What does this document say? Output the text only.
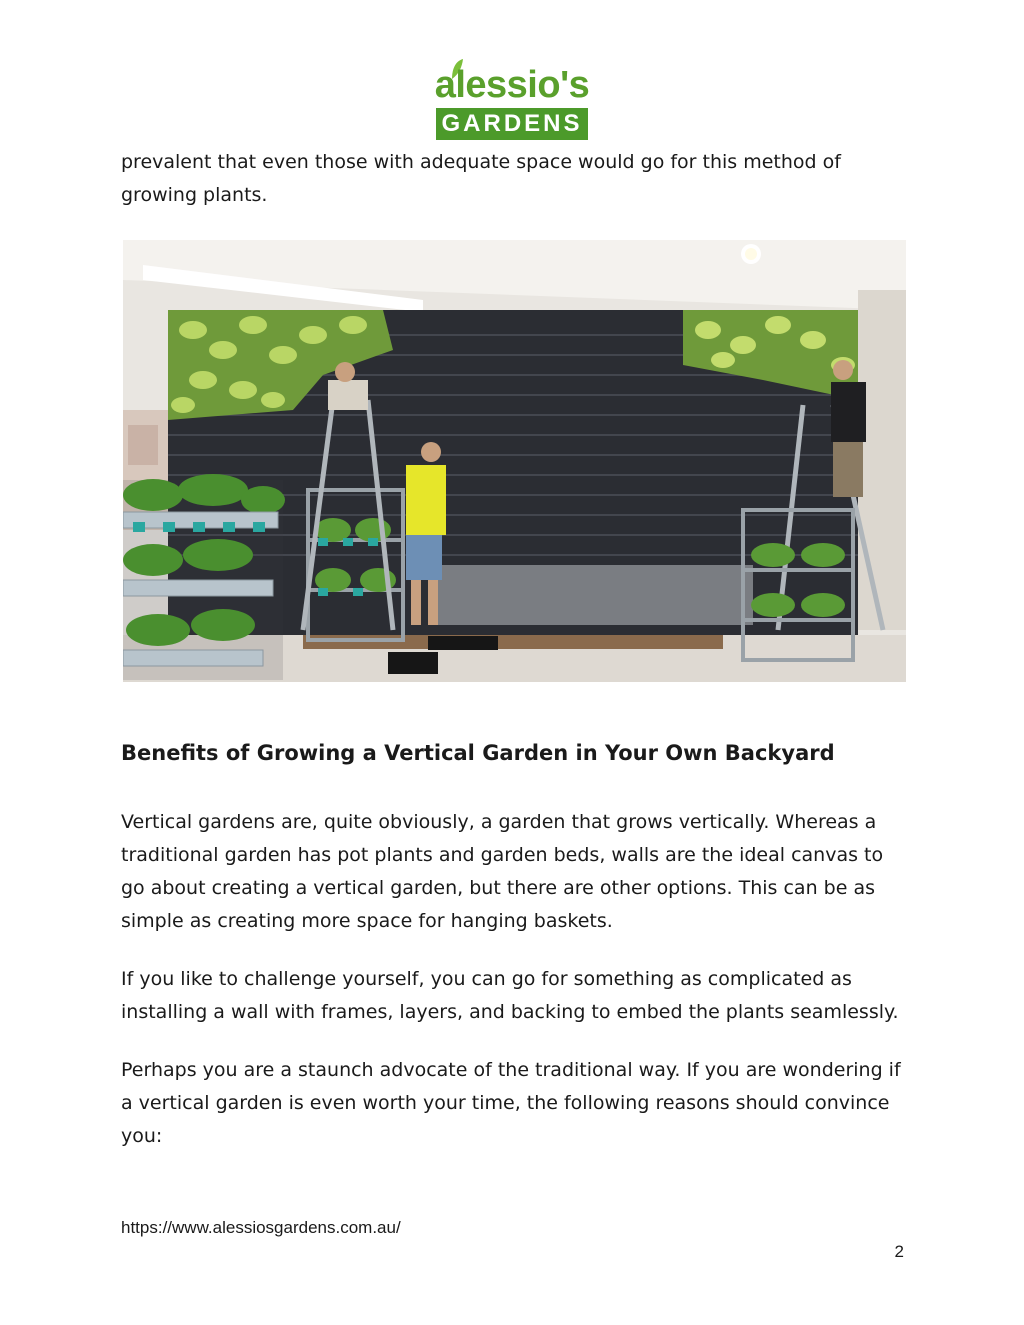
alessio's
GARDENS

prevalent that even those with adequate space would go for this method of growing plants.

Benefits of Growing a Vertical Garden in Your Own Backyard

Vertical gardens are, quite obviously, a garden that grows vertically. Whereas a traditional garden has pot plants and garden beds, walls are the ideal canvas to go about creating a vertical garden, but there are other options. This can be as simple as creating more space for hanging baskets.

If you like to challenge yourself, you can go for something as complicated as installing a wall with frames, layers, and backing to embed the plants seamlessly.

Perhaps you are a staunch advocate of the traditional way. If you are wondering if a vertical garden is even worth your time, the following reasons should convince you:

https://www.alessiosgardens.com.au/
2
